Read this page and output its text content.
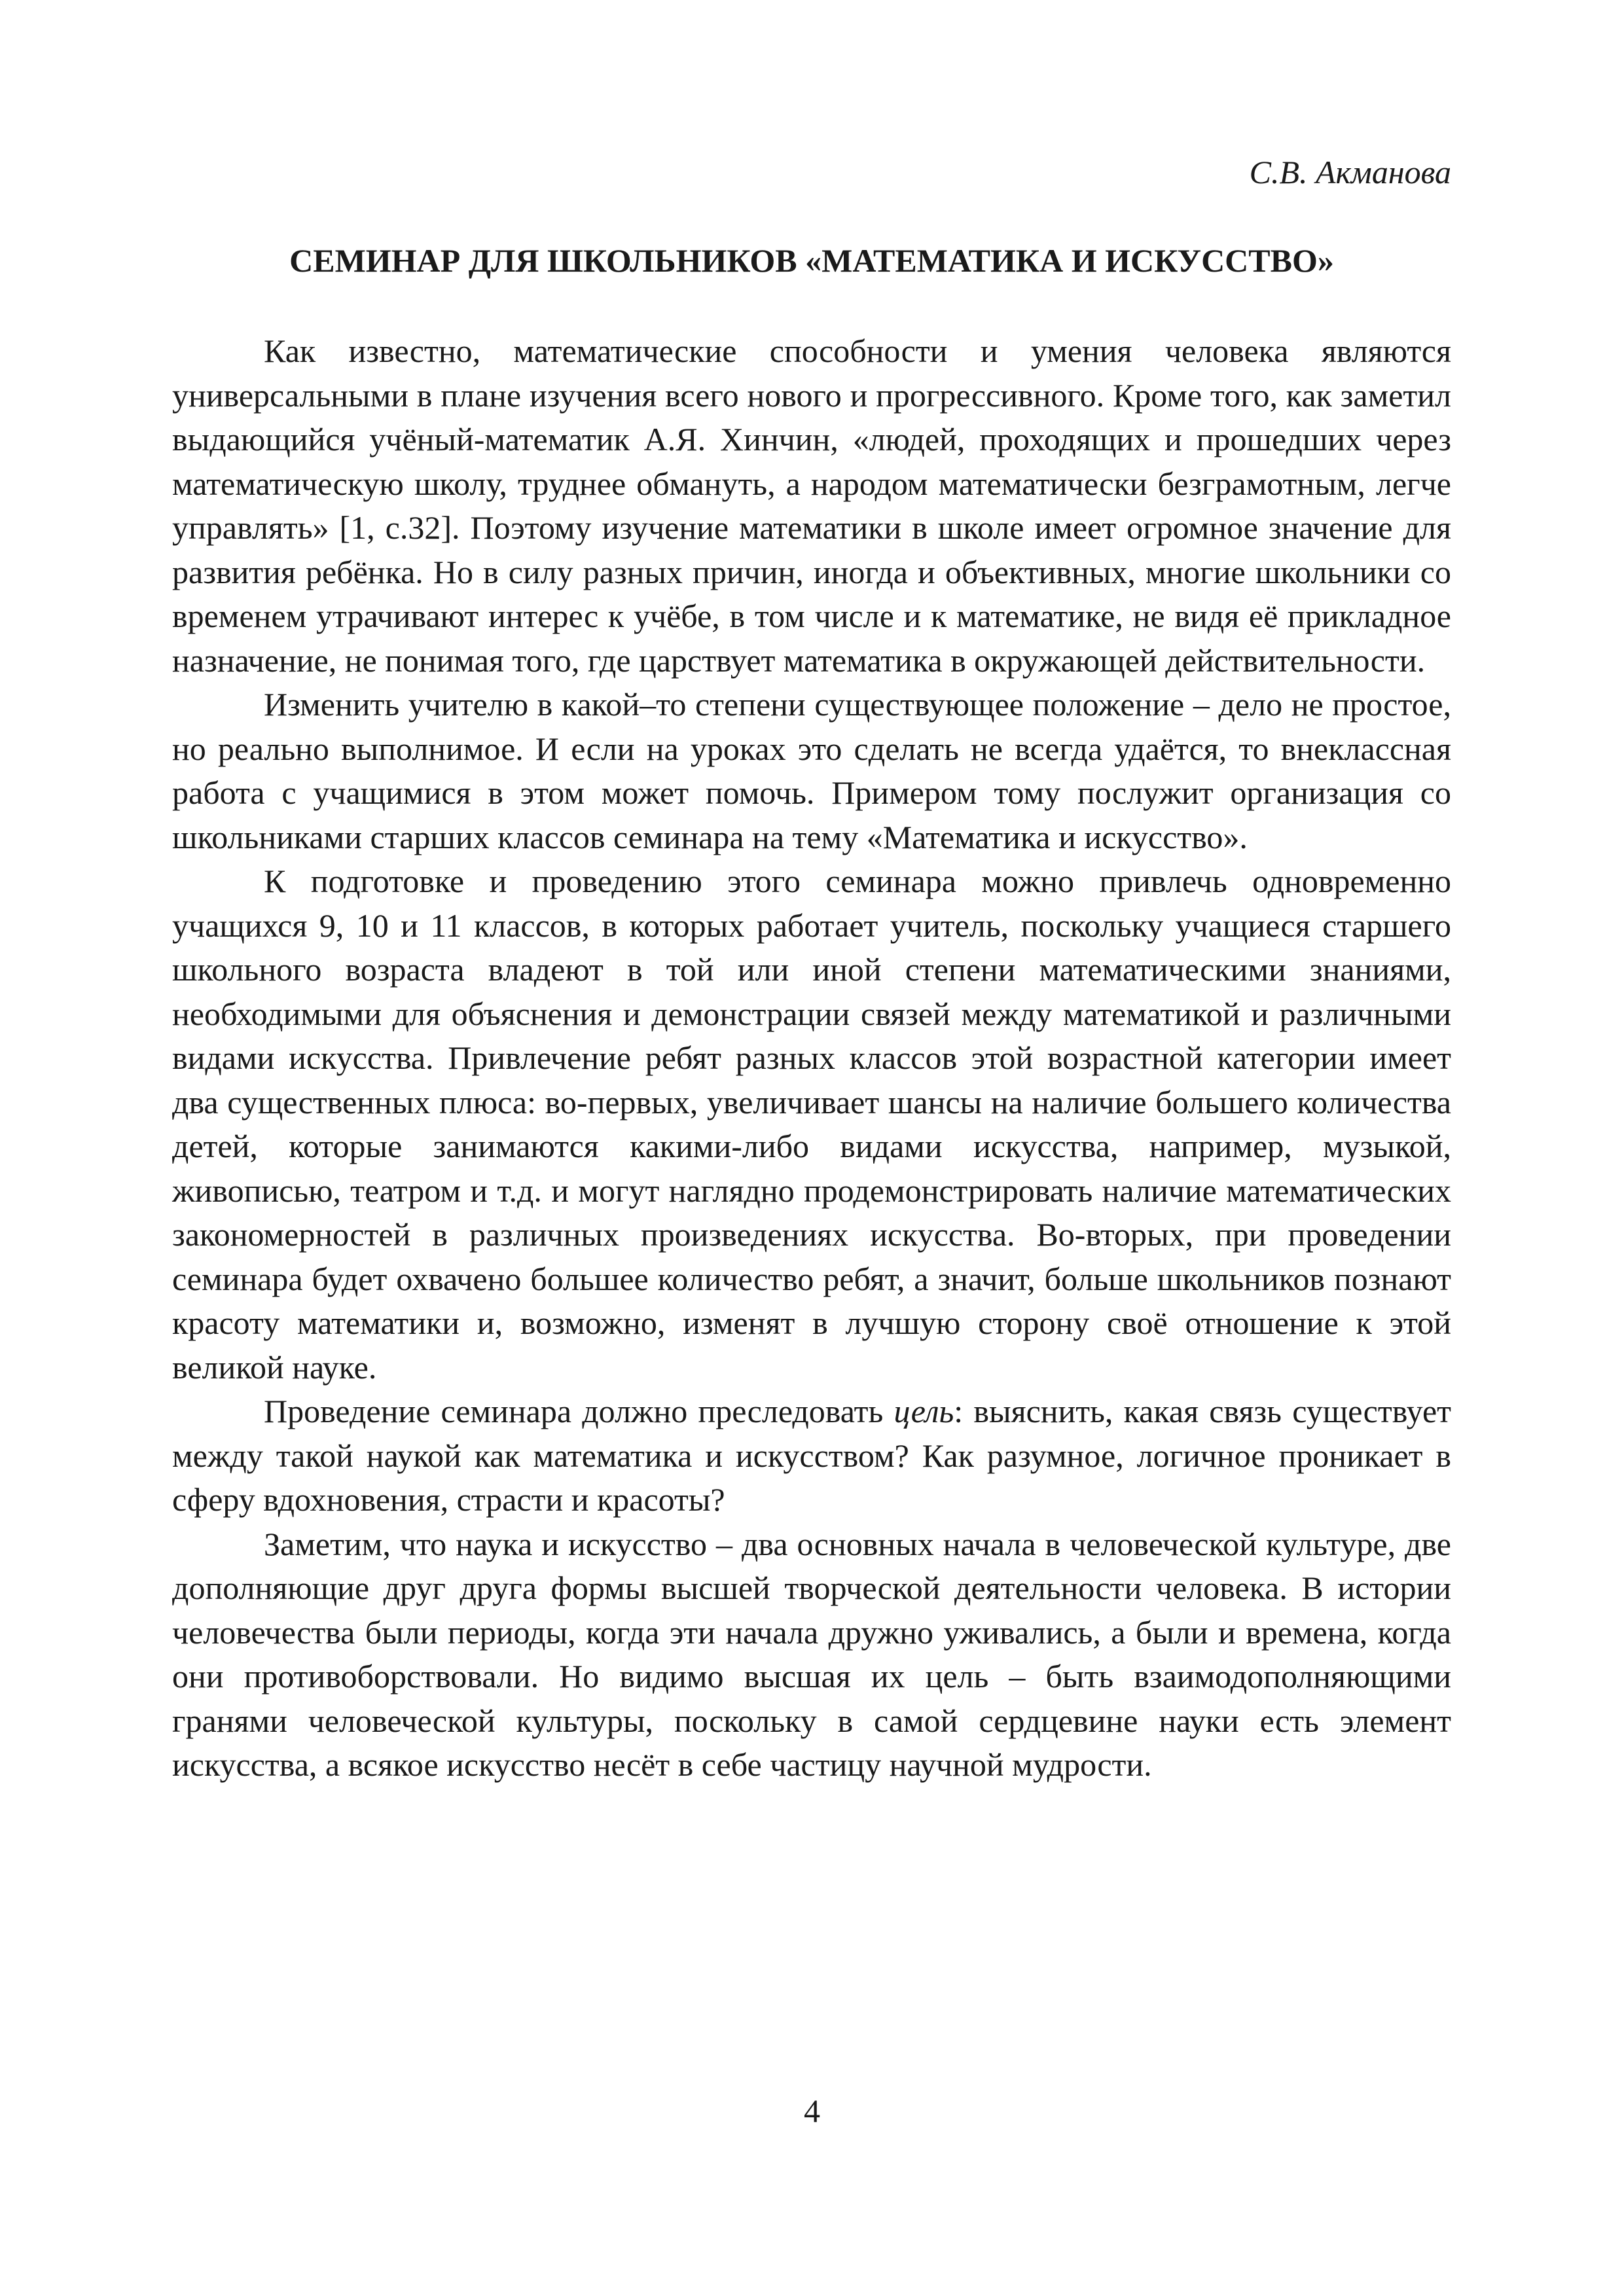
С.В. Акманова
СЕМИНАР ДЛЯ ШКОЛЬНИКОВ «МАТЕМАТИКА И ИСКУССТВО»

Как известно, математические способности и умения человека являются универсальными в плане изучения всего нового и прогрессивного. Кроме того, как заметил выдающийся учёный-математик А.Я. Хинчин, «людей, проходящих и прошедших через математическую школу, труднее обмануть, а народом математически безграмотным, легче управлять» [1, с.32]. Поэтому изучение математики в школе имеет огромное значение для развития ребёнка. Но в силу разных причин, иногда и объективных, многие школьники со временем утрачивают интерес к учёбе, в том числе и к математике, не видя её прикладное назначение, не понимая того, где царствует математика в окружающей действительности.

Изменить учителю в какой–то степени существующее положение – дело не простое, но реально выполнимое. И если на уроках это сделать не всегда удаётся, то внеклассная работа с учащимися в этом может помочь. Примером тому послужит организация со школьниками старших классов семинара на тему «Математика и искусство».

К подготовке и проведению этого семинара можно привлечь одновременно учащихся 9, 10 и 11 классов, в которых работает учитель, поскольку учащиеся старшего школьного возраста владеют в той или иной степени математическими знаниями, необходимыми для объяснения и демонстрации связей между математикой и различными видами искусства. Привлечение ребят разных классов этой возрастной категории имеет два существенных плюса: во-первых, увеличивает шансы на наличие большего количества детей, которые занимаются какими-либо видами искусства, например, музыкой, живописью, театром и т.д. и могут наглядно продемонстрировать наличие математических закономерностей в различных произведениях искусства. Во-вторых, при проведении семинара будет охвачено большее количество ребят, а значит, больше школьников познают красоту математики и, возможно, изменят в лучшую сторону своё отношение к этой великой науке.

Проведение семинара должно преследовать цель: выяснить, какая связь существует между такой наукой как математика и искусством? Как разумное, логичное проникает в сферу вдохновения, страсти и красоты?

Заметим, что наука и искусство – два основных начала в человеческой культуре, две дополняющие друг друга формы высшей творческой деятельности человека. В истории человечества были периоды, когда эти начала дружно уживались, а были и времена, когда они противоборствовали. Но видимо высшая их цель – быть взаимодополняющими гранями человеческой культуры, поскольку в самой сердцевине науки есть элемент искусства, а всякое искусство несёт в себе частицу научной мудрости.

4
